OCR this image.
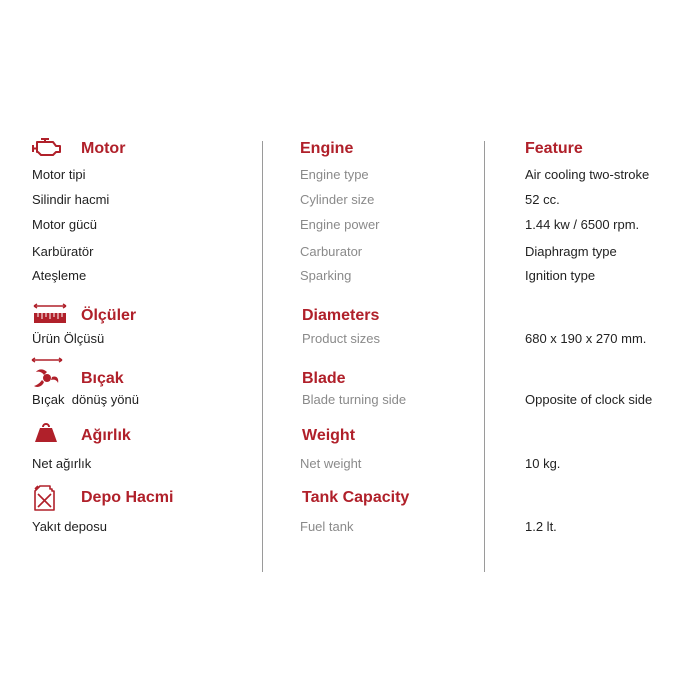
Motor	Engine	Feature
Motor tipi	Engine type	Air cooling two-stroke
Silindir hacmi	Cylinder size	52 cc.
Motor gücü	Engine power	1.44 kw / 6500 rpm.
Karbüratör	Carburator	Diaphragm type
Ateşleme	Sparking	Ignition type
Ölçüler	Diameters
Ürün Ölçüsü	Product sizes	680 x 190 x 270 mm.
Bıçak	Blade
Bıçak  dönüş yönü	Blade turning side	Opposite of clock side
Ağırlık	Weight
Net ağırlık	Net weight	10 kg.
Depo Hacmi	Tank Capacity
Yakıt deposu	Fuel tank	1.2 lt.
